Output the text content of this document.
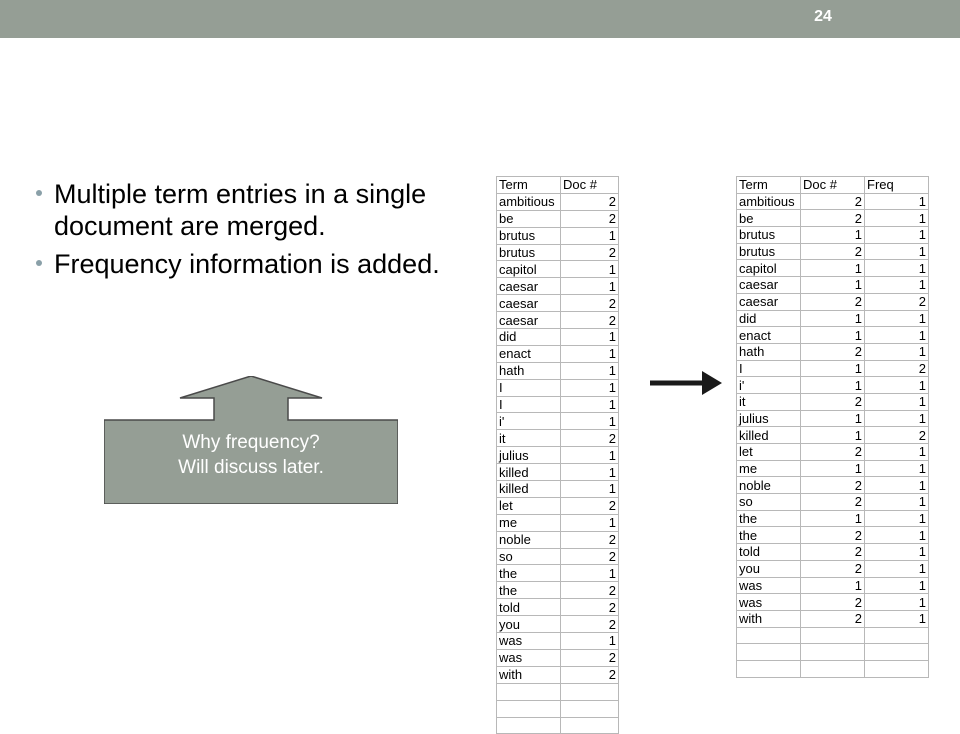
24
Multiple term entries in a single document are merged.
Frequency information is added.
Why frequency?
Will discuss later.
Term	Doc #
ambitious	2
be	2
brutus	1
brutus	2
capitol	1
caesar	1
caesar	2
caesar	2
did	1
enact	1
hath	1
I	1
I	1
i'	1
it	2
julius	1
killed	1
killed	1
let	2
me	1
noble	2
so	2
the	1
the	2
told	2
you	2
was	1
was	2
with	2

Term	Doc #	Freq
ambitious	2	1
be	2	1
brutus	1	1
brutus	2	1
capitol	1	1
caesar	1	1
caesar	2	2
did	1	1
enact	1	1
hath	2	1
I	1	2
i'	1	1
it	2	1
julius	1	1
killed	1	2
let	2	1
me	1	1
noble	2	1
so	2	1
the	1	1
the	2	1
told	2	1
you	2	1
was	1	1
was	2	1
with	2	1
